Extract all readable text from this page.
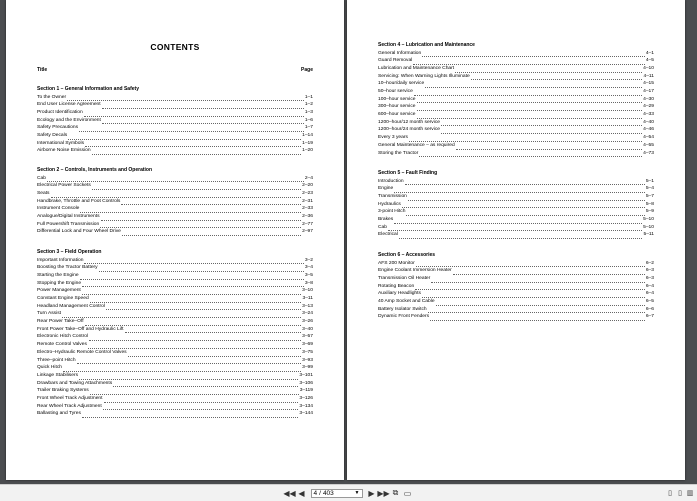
CONTENTS
Title	Page
Section 1 – General Information and Safety
To the Owner	1–1
End User License Agreement	1–2
Product Identification	1–3
Ecology and the Environment	1–6
Safety Precautions	1–7
Safety Decals	1–14
International Symbols	1–19
Airborne Noise Emission	1–20
Section 2 – Controls, Instruments and Operation
Cab	2–4
Electrical Power Sockets	2–20
Seats	2–23
Handbrake, Throttle and Foot Controls	2–31
Instrument Console	2–33
Analogue/Digital Instruments	2–36
Full Powershift Transmission	2–77
Differential Lock and Four Wheel Drive	2–97
Section 3 – Field Operation
Important Information	3–2
Boosting the Tractor Battery	3–4
Starting the Engine	3–5
Stopping the Engine	3–8
Power Management	3–10
Constant Engine Speed	3–11
Headland Management Control	3–13
Turn Assist	3–24
Rear Power Take–Off	3–26
Front Power Take–Off and Hydraulic Lift	3–40
Electronic Hitch Control	3–57
Remote Control Valves	3–69
Electro–Hydraulic Remote Control Valves	3–75
Three–point Hitch	3–93
Quick Hitch	3–99
Linkage Stabilisers	3–101
Drawbars and Towing Attachments	3–106
Trailer Braking Systems	3–119
Front Wheel Track Adjustment	3–126
Rear Wheel Track Adjustment	3–134
Ballasting and Tyres	3–144
Section 4 – Lubrication and Maintenance
General Information	4–1
Guard Removal	4–5
Lubrication and Maintenance Chart	4–10
Servicing: When Warning Lights Illuminate	4–11
10–hour/daily service	4–15
50–hour service	4–17
100–hour service	4–30
300–hour service	4–29
600–hour service	4–33
1200–hour/12 month service	4–40
1200–hour/24 month service	4–46
Every 3 years	4–54
General Maintenance – as required	4–55
Storing the Tractor	4–73
Section 5 – Fault Finding
Introduction	5–1
Engine	5–4
Transmission	5–7
Hydraulics	5–8
3-point Hitch	5–9
Brakes	5–10
Cab	5–10
Electrical	5–11
Section 6 – Accessories
AFS 200 Monitor	6–2
Engine Coolant Immersion Heater	6–3
Transmission Oil Heater	6–3
Rotating Beacon	6–4
Auxiliary Headlights	6–4
40 Amp Socket and Cable	6–5
Battery Isolator Switch	6–6
Dynamic Front Fenders	6–7
◀◀ ◀ 4 / 403	▼ ▶ ▶▶ ⧉ ▭	▯ ▯ ▥
